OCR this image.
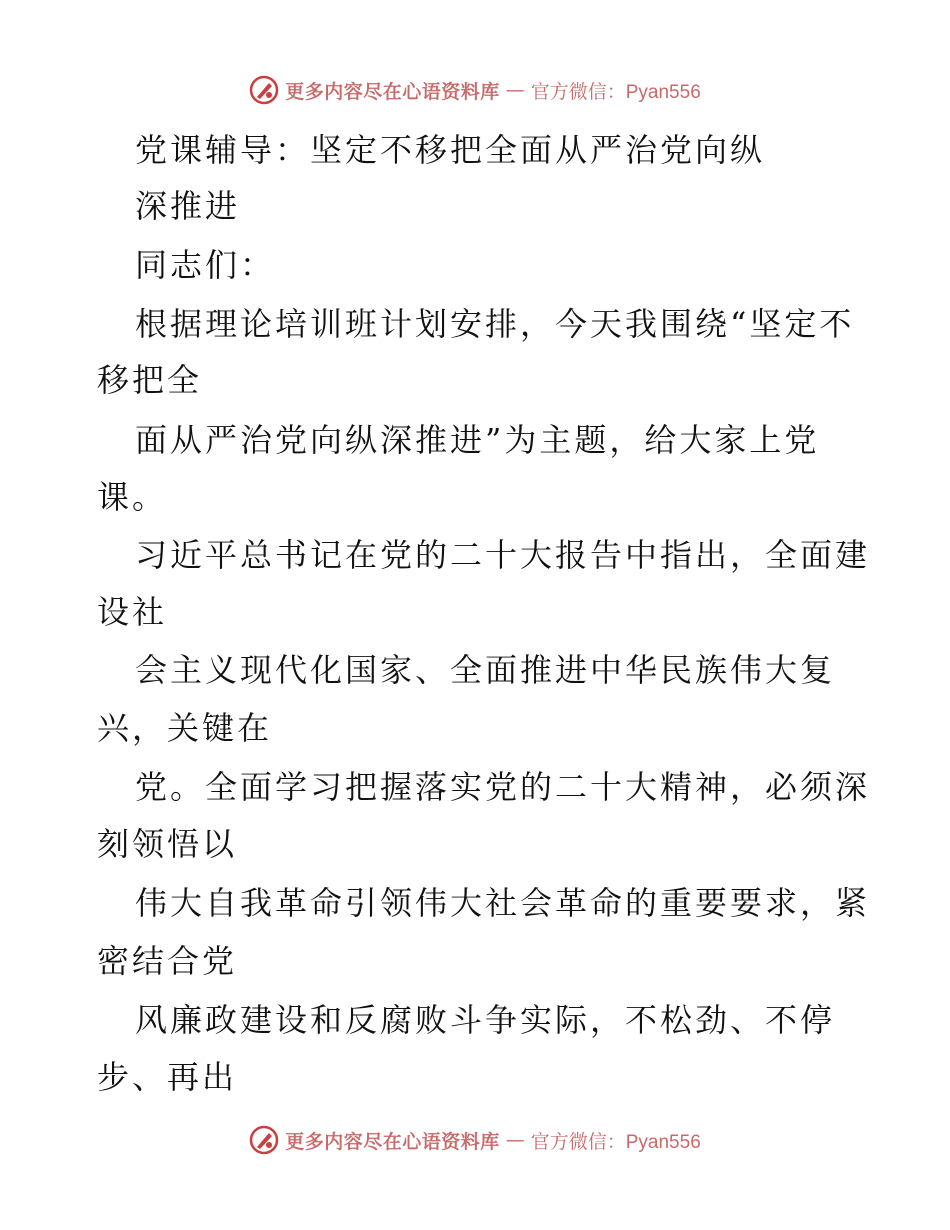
更多内容尽在心语资料库 — 官方微信：Pyan556
党课辅导：坚定不移把全面从严治党向纵
深推进
同志们：
根据理论培训班计划安排，今天我围绕“坚定不
移把全
面从严治党向纵深推进”为主题，给大家上党
课。
习近平总书记在党的二十大报告中指出，全面建
设社
会主义现代化国家、全面推进中华民族伟大复
兴，关键在
党。全面学习把握落实党的二十大精神，必须深
刻领悟以
伟大自我革命引领伟大社会革命的重要要求，紧
密结合党
风廉政建设和反腐败斗争实际，不松劲、不停
步、再出
更多内容尽在心语资料库 — 官方微信：Pyan556
